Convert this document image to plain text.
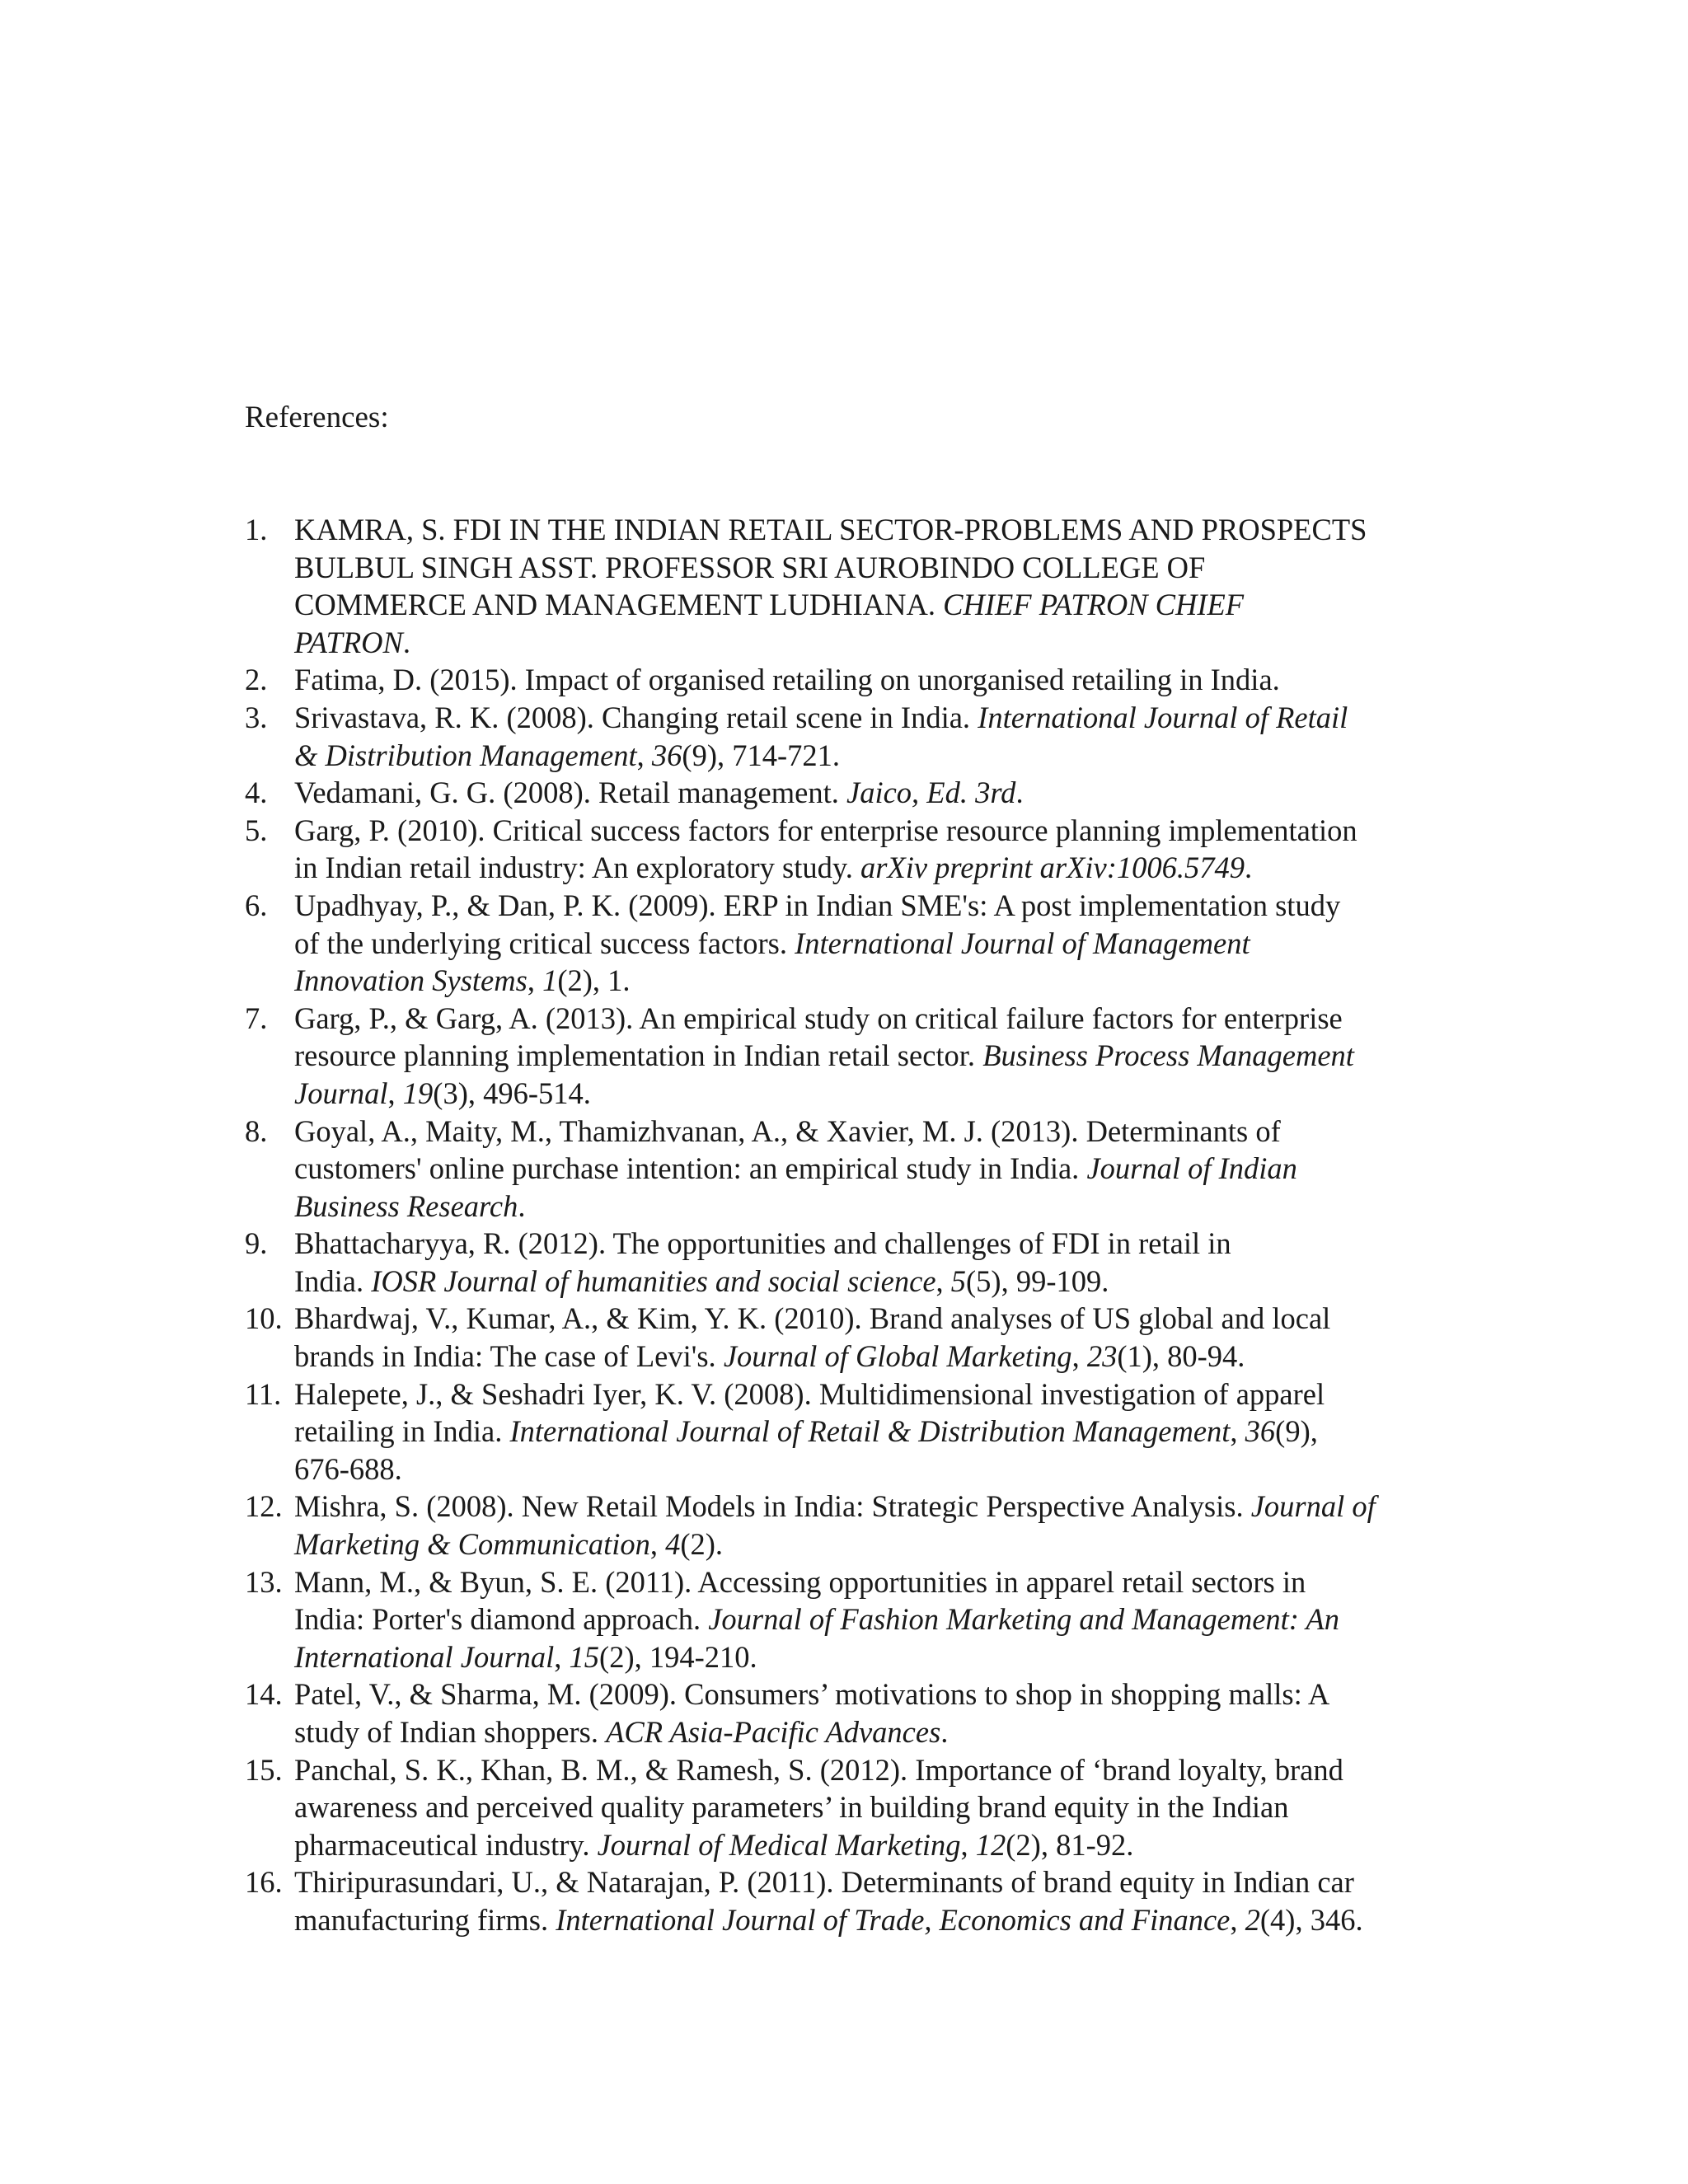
References:
1. KAMRA, S. FDI IN THE INDIAN RETAIL SECTOR-PROBLEMS AND PROSPECTS
BULBUL SINGH ASST. PROFESSOR SRI AUROBINDO COLLEGE OF
COMMERCE AND MANAGEMENT LUDHIANA. CHIEF PATRON CHIEF
PATRON.
2. Fatima, D. (2015). Impact of organised retailing on unorganised retailing in India.
3. Srivastava, R. K. (2008). Changing retail scene in India. International Journal of Retail
& Distribution Management, 36(9), 714-721.
4. Vedamani, G. G. (2008). Retail management. Jaico, Ed. 3rd.
5. Garg, P. (2010). Critical success factors for enterprise resource planning implementation
in Indian retail industry: An exploratory study. arXiv preprint arXiv:1006.5749.
6. Upadhyay, P., & Dan, P. K. (2009). ERP in Indian SME's: A post implementation study
of the underlying critical success factors. International Journal of Management
Innovation Systems, 1(2), 1.
7. Garg, P., & Garg, A. (2013). An empirical study on critical failure factors for enterprise
resource planning implementation in Indian retail sector. Business Process Management
Journal, 19(3), 496-514.
8. Goyal, A., Maity, M., Thamizhvanan, A., & Xavier, M. J. (2013). Determinants of
customers' online purchase intention: an empirical study in India. Journal of Indian
Business Research.
9. Bhattacharyya, R. (2012). The opportunities and challenges of FDI in retail in
India. IOSR Journal of humanities and social science, 5(5), 99-109.
10. Bhardwaj, V., Kumar, A., & Kim, Y. K. (2010). Brand analyses of US global and local
brands in India: The case of Levi's. Journal of Global Marketing, 23(1), 80-94.
11. Halepete, J., & Seshadri Iyer, K. V. (2008). Multidimensional investigation of apparel
retailing in India. International Journal of Retail & Distribution Management, 36(9),
676-688.
12. Mishra, S. (2008). New Retail Models in India: Strategic Perspective Analysis. Journal of
Marketing & Communication, 4(2).
13. Mann, M., & Byun, S. E. (2011). Accessing opportunities in apparel retail sectors in
India: Porter's diamond approach. Journal of Fashion Marketing and Management: An
International Journal, 15(2), 194-210.
14. Patel, V., & Sharma, M. (2009). Consumers’ motivations to shop in shopping malls: A
study of Indian shoppers. ACR Asia-Pacific Advances.
15. Panchal, S. K., Khan, B. M., & Ramesh, S. (2012). Importance of ‘brand loyalty, brand
awareness and perceived quality parameters’ in building brand equity in the Indian
pharmaceutical industry. Journal of Medical Marketing, 12(2), 81-92.
16. Thiripurasundari, U., & Natarajan, P. (2011). Determinants of brand equity in Indian car
manufacturing firms. International Journal of Trade, Economics and Finance, 2(4), 346.
